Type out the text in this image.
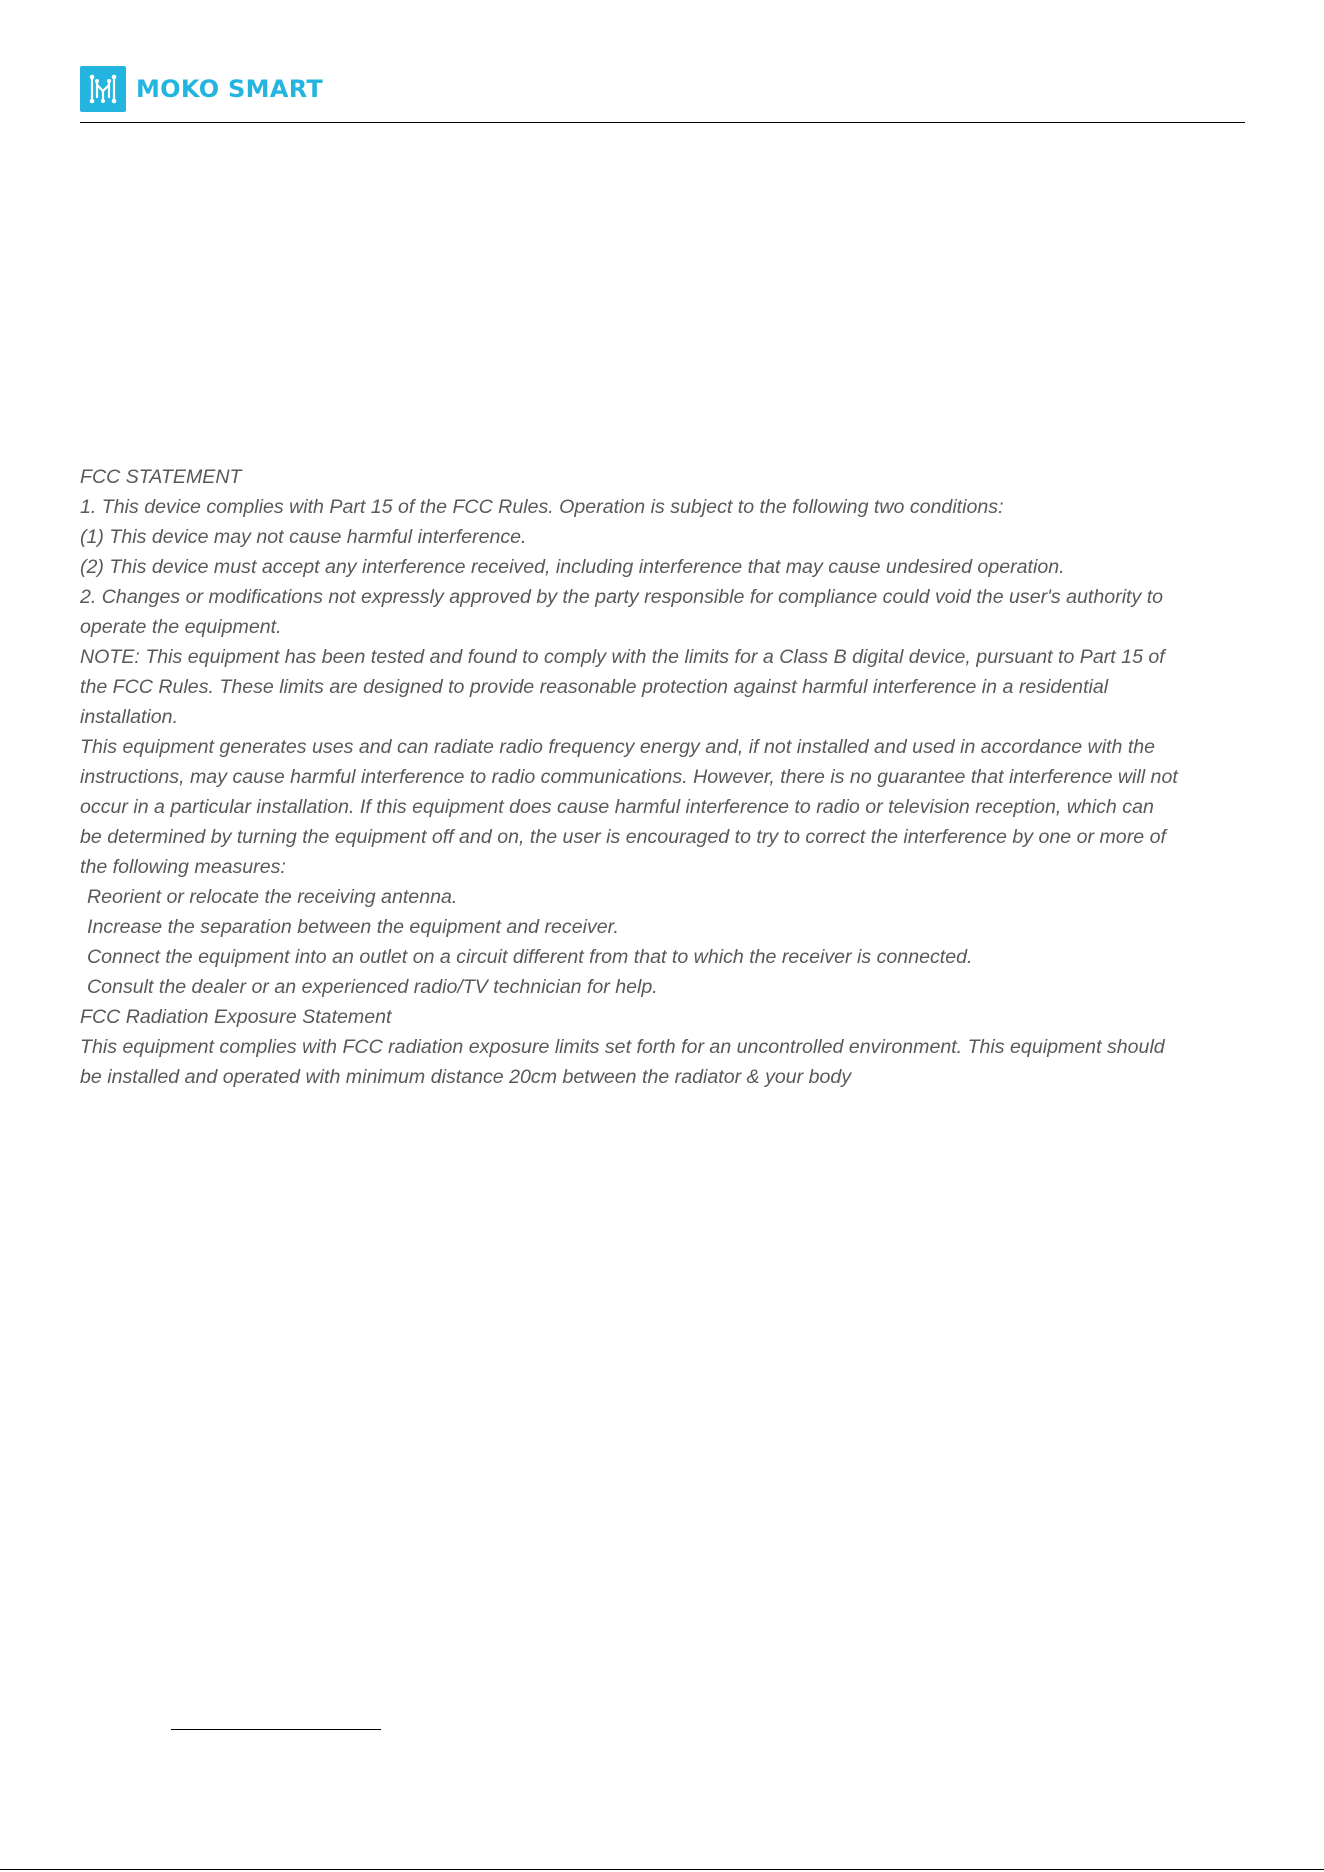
MOKO SMART

FCC STATEMENT

1. This device complies with Part 15 of the FCC Rules. Operation is subject to the following two conditions:

(1) This device may not cause harmful interference.

(2) This device must accept any interference received, including interference that may cause undesired operation.

2. Changes or modifications not expressly approved by the party responsible for compliance could void the user's authority to operate the equipment.

NOTE: This equipment has been tested and found to comply with the limits for a Class B digital device, pursuant to Part 15 of the FCC Rules. These limits are designed to provide reasonable protection against harmful interference in a residential installation.

This equipment generates uses and can radiate radio frequency energy and, if not installed and used in accordance with the instructions, may cause harmful interference to radio communications. However, there is no guarantee that interference will not occur in a particular installation. If this equipment does cause harmful interference to radio or television reception, which can be determined by turning the equipment off and on, the user is encouraged to try to correct the interference by one or more of the following measures:

Reorient or relocate the receiving antenna.

Increase the separation between the equipment and receiver.

Connect the equipment into an outlet on a circuit different from that to which the receiver is connected.

Consult the dealer or an experienced radio/TV technician for help.

FCC Radiation Exposure Statement

This equipment complies with FCC radiation exposure limits set forth for an uncontrolled environment. This equipment should be installed and operated with minimum distance 20cm between the radiator & your body
